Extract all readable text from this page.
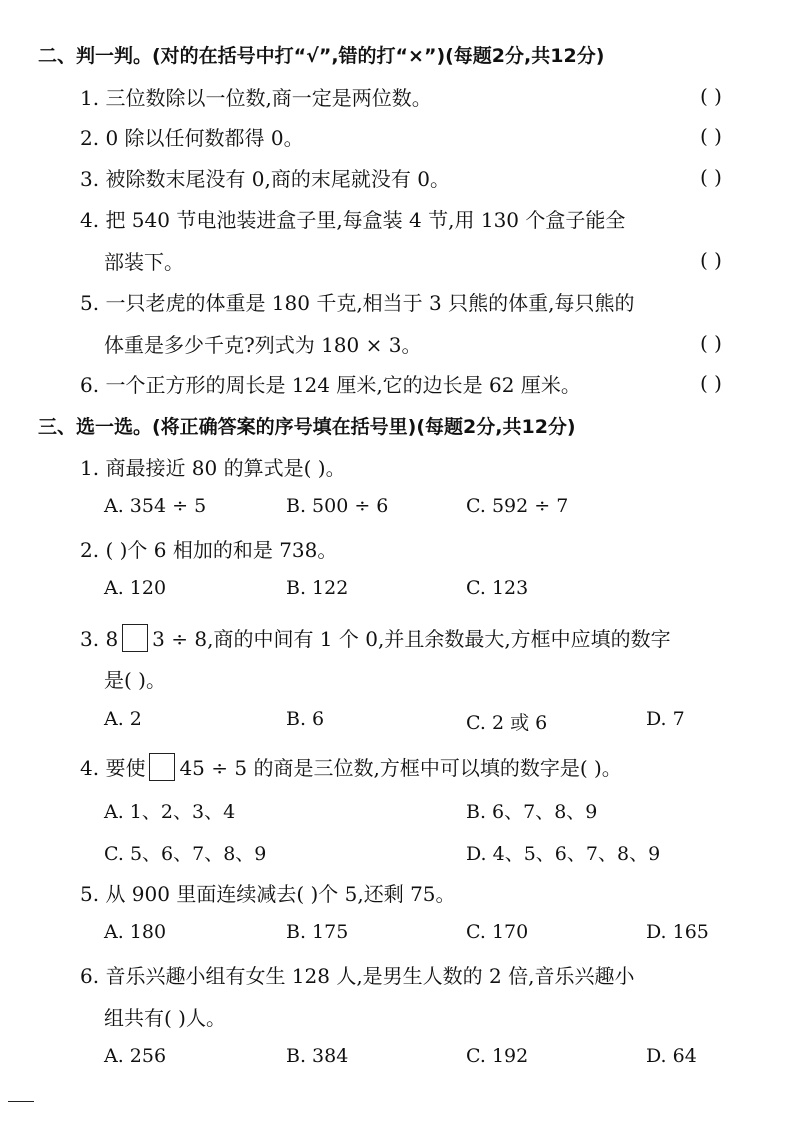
二、判一判。(对的在括号中打“√”,错的打“×”)(每题2分,共12分)
1. 三位数除以一位数,商一定是两位数。	( )
2. 0 除以任何数都得 0。	( )
3. 被除数末尾没有 0,商的末尾就没有 0。	( )
4. 把 540 节电池装进盒子里,每盒装 4 节,用 130 个盒子能全
部装下。	( )
5. 一只老虎的体重是 180 千克,相当于 3 只熊的体重,每只熊的
体重是多少千克?列式为 180 × 3。	( )
6. 一个正方形的周长是 124 厘米,它的边长是 62 厘米。	( )
三、选一选。(将正确答案的序号填在括号里)(每题2分,共12分)
1. 商最接近 80 的算式是( )。
A. 354 ÷ 5	B. 500 ÷ 6	C. 592 ÷ 7
2. ( )个 6 相加的和是 738。
A. 120	B. 122	C. 123
3. 8 3 ÷ 8,商的中间有 1 个 0,并且余数最大,方框中应填的数字
是( )。
A. 2	B. 6	C. 2 或 6	D. 7
4. 要使 45 ÷ 5 的商是三位数,方框中可以填的数字是( )。
A. 1、2、3、4	B. 6、7、8、9
C. 5、6、7、8、9	D. 4、5、6、7、8、9
5. 从 900 里面连续减去( )个 5,还剩 75。
A. 180	B. 175	C. 170	D. 165
6. 音乐兴趣小组有女生 128 人,是男生人数的 2 倍,音乐兴趣小
组共有( )人。
A. 256	B. 384	C. 192	D. 64
